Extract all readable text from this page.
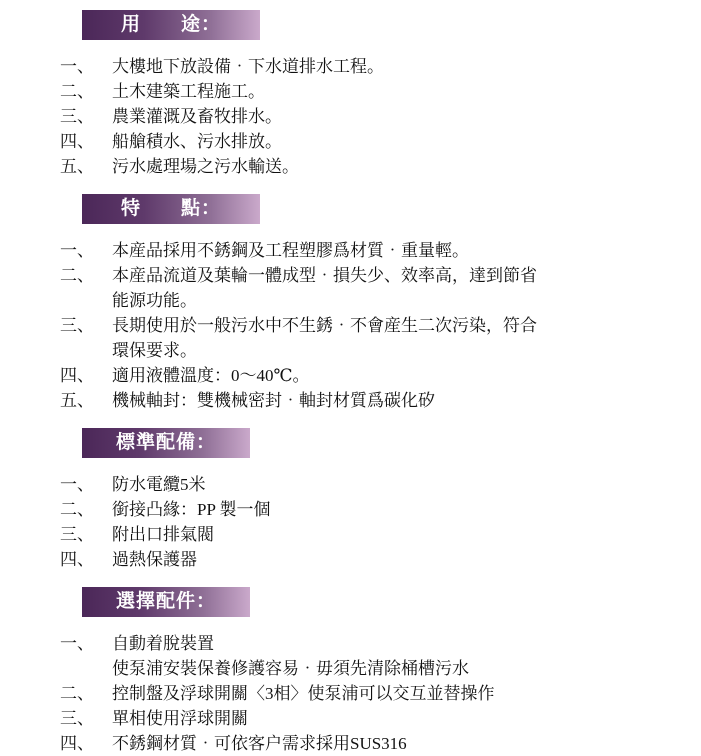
用　　途：
一、	大樓地下放設備‧下水道排水工程。
二、	土木建築工程施工。
三、	農業灌溉及畜牧排水。
四、	船艙積水、污水排放。
五、	污水處理場之污水輸送。
特　　點：
一、	本産品採用不銹鋼及工程塑膠爲材質‧重量輕。
二、	本産品流道及葉輪一體成型‧損失少、效率高，達到節省
能源功能。
三、	長期使用於一般污水中不生銹‧不會産生二次污染，符合
環保要求。
四、	適用液體溫度：0〜40℃。
五、	機械軸封：雙機械密封‧軸封材質爲碳化矽
標準配備：
一、	防水電纜5米
二、	銜接凸緣：PP 製一個
三、	附出口排氣閥
四、	過熱保護器
選擇配件：
一、	自動着脫裝置
使泵浦安裝保養修護容易‧毋須先清除桶槽污水
二、	控制盤及浮球開關〈3相〉使泵浦可以交互並替操作
三、	單相使用浮球開關
四、	不銹鋼材質‧可依客户需求採用SUS316
